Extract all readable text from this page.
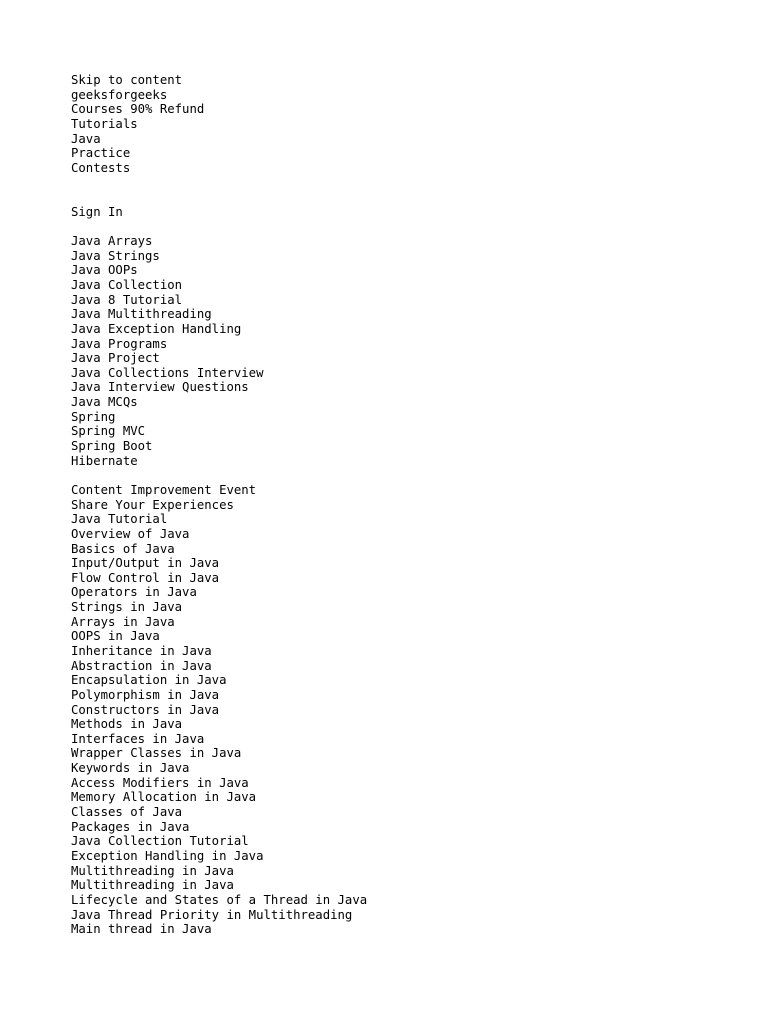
Skip to content
geeksforgeeks
Courses 90% Refund
Tutorials
Java
Practice
Contests
Sign In
Java Arrays
Java Strings
Java OOPs
Java Collection
Java 8 Tutorial
Java Multithreading
Java Exception Handling
Java Programs
Java Project
Java Collections Interview
Java Interview Questions
Java MCQs
Spring
Spring MVC
Spring Boot
Hibernate
Content Improvement Event
Share Your Experiences
Java Tutorial
Overview of Java
Basics of Java
Input/Output in Java
Flow Control in Java
Operators in Java
Strings in Java
Arrays in Java
OOPS in Java
Inheritance in Java
Abstraction in Java
Encapsulation in Java
Polymorphism in Java
Constructors in Java
Methods in Java
Interfaces in Java
Wrapper Classes in Java
Keywords in Java
Access Modifiers in Java
Memory Allocation in Java
Classes of Java
Packages in Java
Java Collection Tutorial
Exception Handling in Java
Multithreading in Java
Multithreading in Java
Lifecycle and States of a Thread in Java
Java Thread Priority in Multithreading
Main thread in Java
